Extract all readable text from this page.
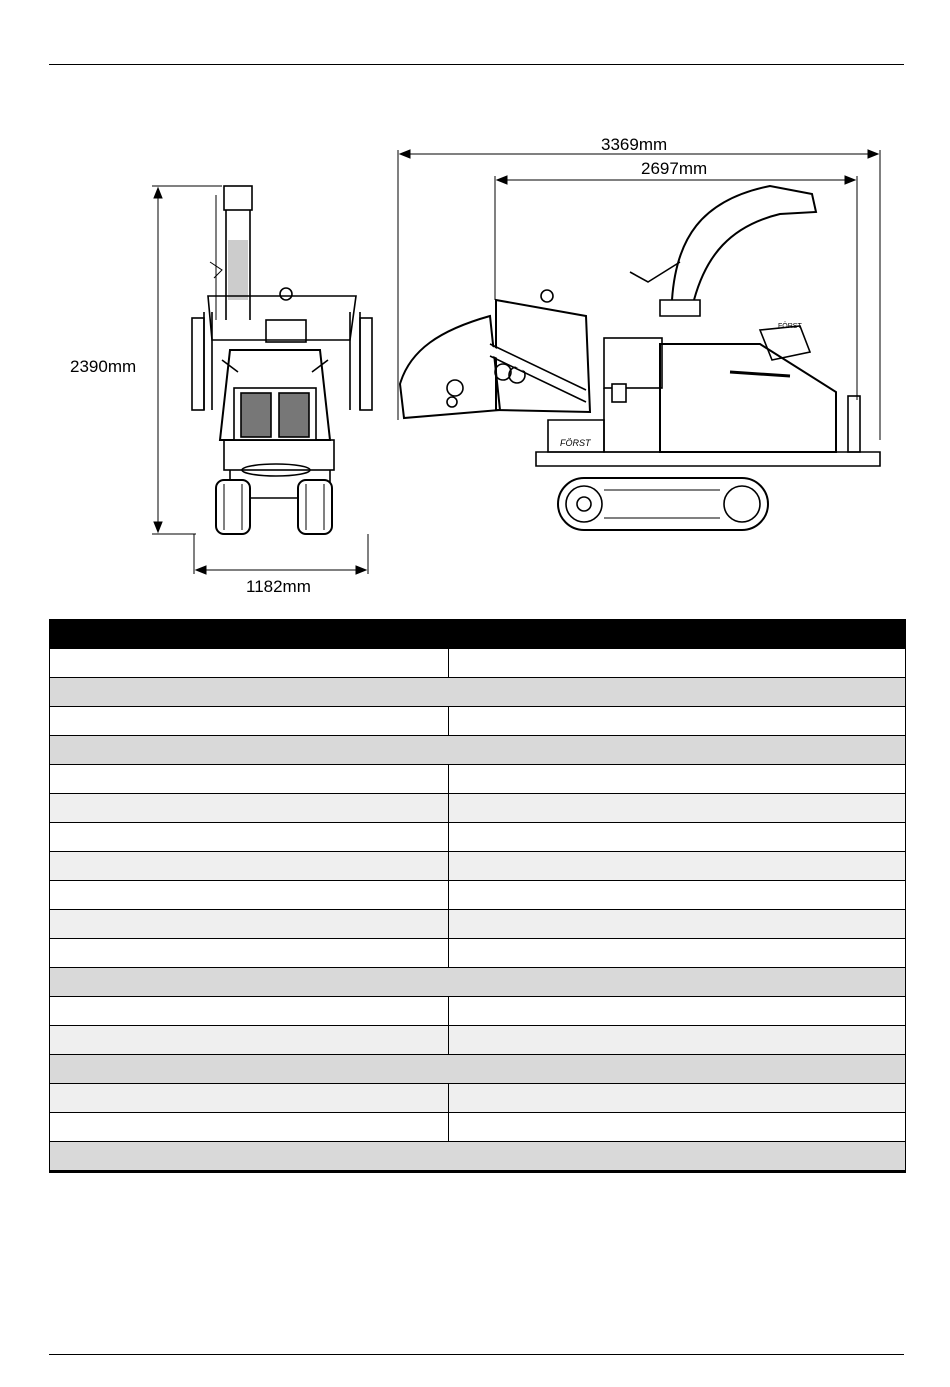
FÖRST
FÖRST
3369mm
2697mm
2390mm
1182mm
